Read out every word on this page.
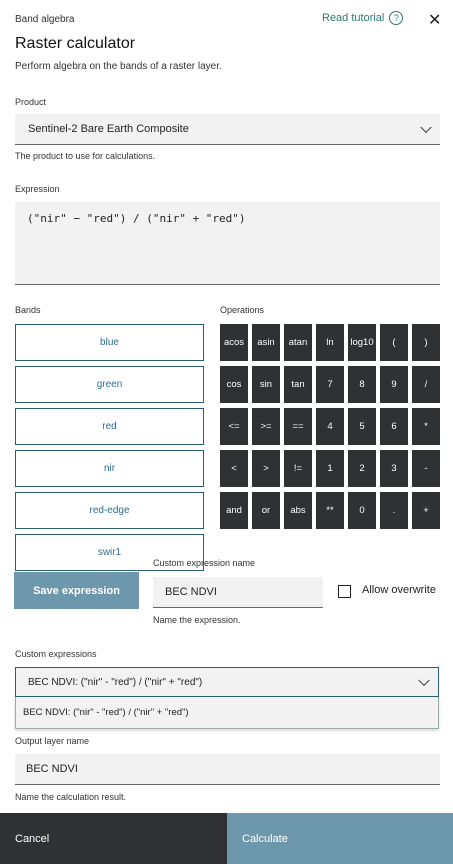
Band algebra
Raster calculator
Read tutorial	? ✕
Perform algebra on the bands of a raster layer.
Product
Sentinel-2 Bare Earth Composite
The product to use for calculations.
Expression
("nir" − "red") / ("nir" + "red")
Bands
blue
green
red
nir
red-edge
swir1
Operations
acos	asin	atan	ln	log10	(	)
cos	sin	tan	7	8	9	/
<=	>=	==	4	5	6	*
<	>	!=	1	2	3	-
and	or	abs	**	0	.	+
Save expression
Custom expression name
BEC NDVI
Name the expression.
Allow overwrite
Custom expressions
BEC NDVI: ("nir" - "red") / ("nir" + "red")
BEC NDVI: ("nir" - "red") / ("nir" + "red")
Output layer name
BEC NDVI
Name the calculation result.
Cancel	Calculate
